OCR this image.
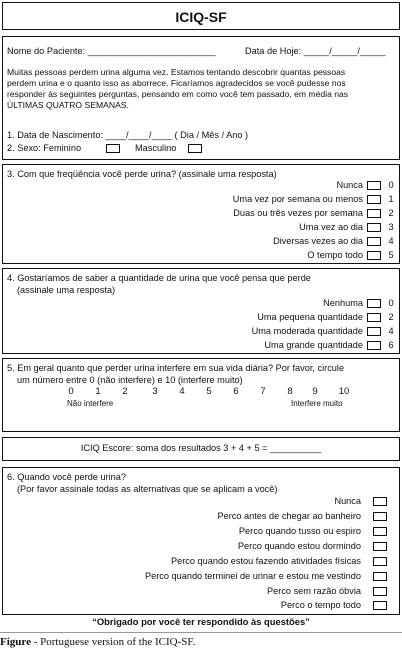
ICIQ-SF
Nome do Paciente: _________________________	Data de Hoje: _____/_____/_____
Muitas pessoas perdem urina alguma vez. Estamos tentando descobrir quantas pessoas
perdem urina e o quanto isso as aborrece. Ficaríamos agradecidos se você pudesse nos
responder às seguintes perguntas, pensando em como você tem passado, em média nas
ÚLTIMAS QUATRO SEMANAS.
1. Data de Nascimento: ____/____/____ ( Dia / Mês / Ano )
2. Sexo: Feminino	Masculino
3. Com que freqüência você perde urina? (assinale uma resposta)
Nunca	0
Uma vez por semana ou menos	1
Duas ou três vezes por semana	2
Uma vez ao dia	3
Diversas vezes ao dia	4
O tempo todo	5
4. Gostaríamos de saber a quantidade de urina que você pensa que perde
(assinale uma resposta)
Nenhuma	0
Uma pequena quantidade	2
Uma moderada quantidade	4
Uma grande quantidade	6
5. Em geral quanto que perder urina interfere em sua vida diária? Por favor, circule
um número entre 0 (não interfere) e 10 (interfere muito)
0	1	2	3	4	5	6	7	8	9	10
Não interfere	Interfere muito
ICIQ Escore: soma dos resultados 3 + 4 + 5 = __________
6. Quando você perde urina?
(Por favor assinale todas as alternativas que se aplicam a você)
Nunca
Perco antes de chegar ao banheiro
Perco quando tusso ou espiro
Perco quando estou dormindo
Perco quando estou fazendo atividades físicas
Perco quando terminei de urinar e estou me vestindo
Perco sem razão óbvia
Perco o tempo todo
“Obrigado por você ter respondido às questões”
Figure - Portuguese version of the ICIQ-SF.
